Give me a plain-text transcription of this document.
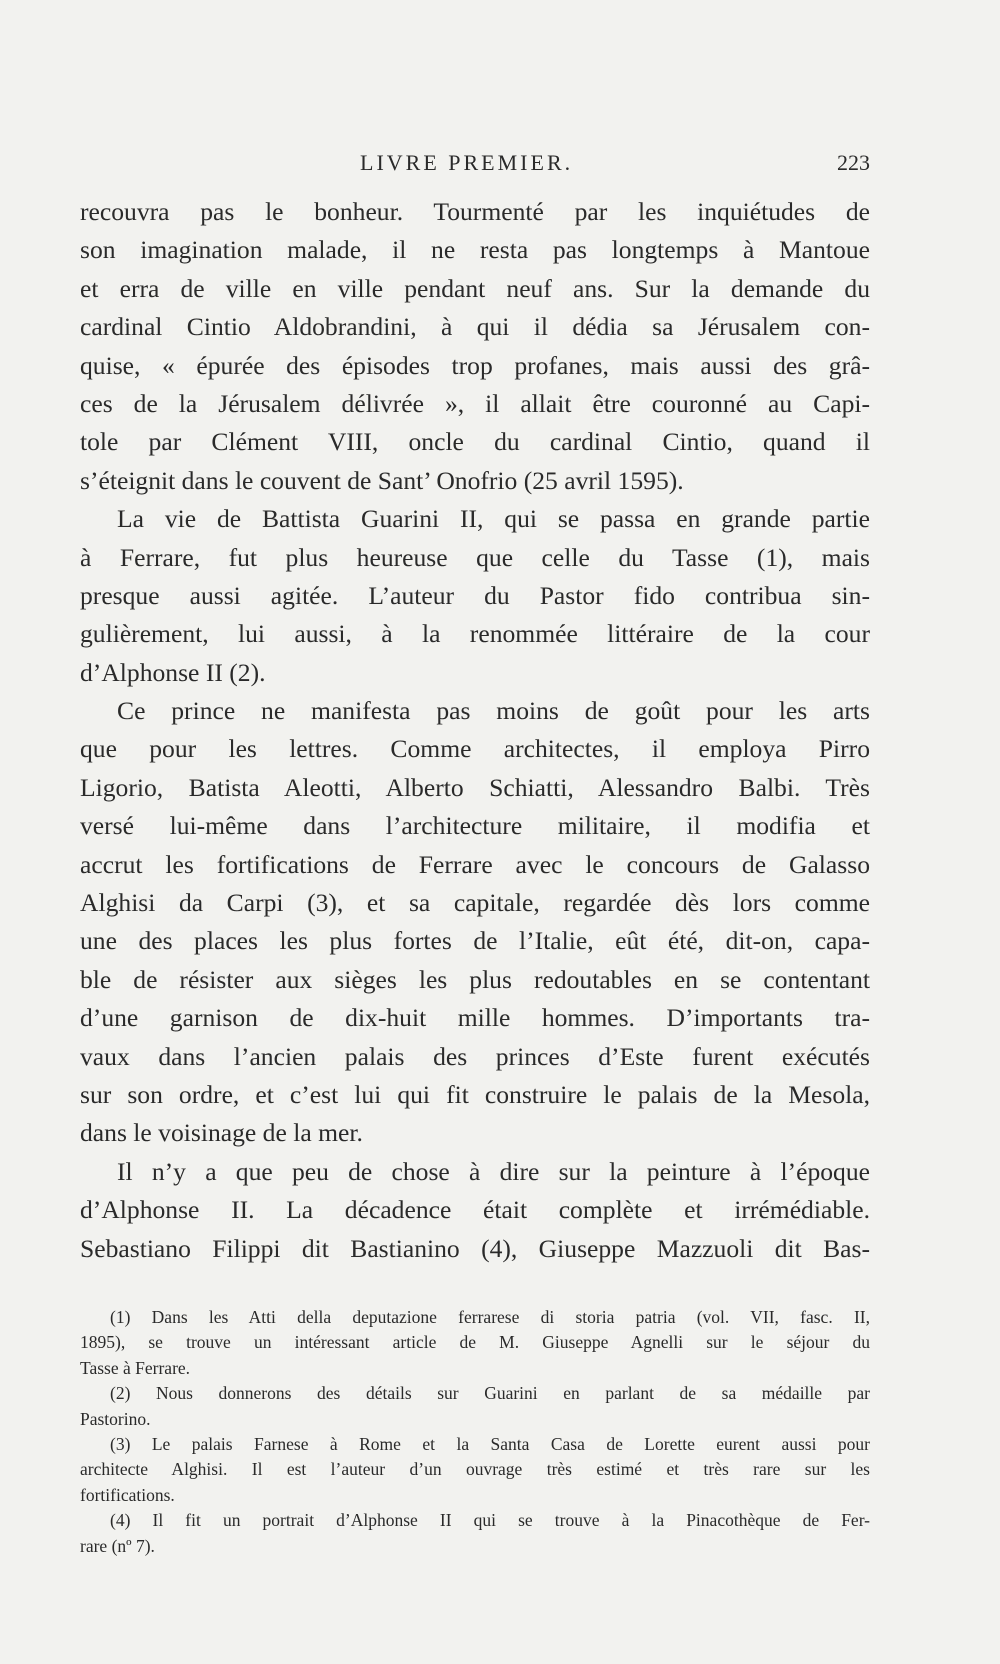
LIVRE PREMIER.	223
recouvra pas le bonheur. Tourmenté par les inquiétudes de
son imagination malade, il ne resta pas longtemps à Mantoue
et erra de ville en ville pendant neuf ans. Sur la demande du
cardinal Cintio Aldobrandini, à qui il dédia sa Jérusalem con-
quise, « épurée des épisodes trop profanes, mais aussi des grâ-
ces de la Jérusalem délivrée », il allait être couronné au Capi-
tole par Clément VIII, oncle du cardinal Cintio, quand il
s’éteignit dans le couvent de Sant’ Onofrio (25 avril 1595).
La vie de Battista Guarini II, qui se passa en grande partie
à Ferrare, fut plus heureuse que celle du Tasse (1), mais
presque aussi agitée. L’auteur du Pastor fido contribua sin-
gulièrement, lui aussi, à la renommée littéraire de la cour
d’Alphonse II (2).
Ce prince ne manifesta pas moins de goût pour les arts
que pour les lettres. Comme architectes, il employa Pirro
Ligorio, Batista Aleotti, Alberto Schiatti, Alessandro Balbi. Très
versé lui-même dans l’architecture militaire, il modifia et
accrut les fortifications de Ferrare avec le concours de Galasso
Alghisi da Carpi (3), et sa capitale, regardée dès lors comme
une des places les plus fortes de l’Italie, eût été, dit-on, capa-
ble de résister aux sièges les plus redoutables en se contentant
d’une garnison de dix-huit mille hommes. D’importants tra-
vaux dans l’ancien palais des princes d’Este furent exécutés
sur son ordre, et c’est lui qui fit construire le palais de la Mesola,
dans le voisinage de la mer.
Il n’y a que peu de chose à dire sur la peinture à l’époque
d’Alphonse II. La décadence était complète et irrémédiable.
Sebastiano Filippi dit Bastianino (4), Giuseppe Mazzuoli dit Bas-
(1) Dans les Atti della deputazione ferrarese di storia patria (vol. VII, fasc. II,
1895), se trouve un intéressant article de M. Giuseppe Agnelli sur le séjour du
Tasse à Ferrare.
(2) Nous donnerons des détails sur Guarini en parlant de sa médaille par
Pastorino.
(3) Le palais Farnese à Rome et la Santa Casa de Lorette eurent aussi pour
architecte Alghisi. Il est l’auteur d’un ouvrage très estimé et très rare sur les
fortifications.
(4) Il fit un portrait d’Alphonse II qui se trouve à la Pinacothèque de Fer-
rare (nº 7).
